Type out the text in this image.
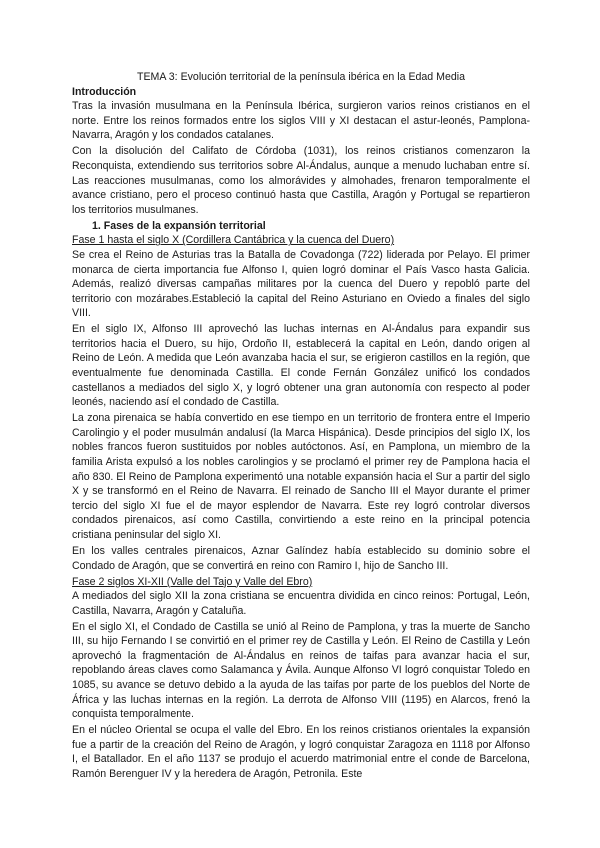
TEMA 3: Evolución territorial de la península ibérica en la Edad Media

Introducción

Tras la invasión musulmana en la Península Ibérica, surgieron varios reinos cristianos en el norte. Entre los reinos formados entre los siglos VIII y XI destacan el astur-leonés, Pamplona-Navarra, Aragón y los condados catalanes.

Con la disolución del Califato de Córdoba (1031), los reinos cristianos comenzaron la Reconquista, extendiendo sus territorios sobre Al-Ándalus, aunque a menudo luchaban entre sí. Las reacciones musulmanas, como los almorávides y almohades, frenaron temporalmente el avance cristiano, pero el proceso continuó hasta que Castilla, Aragón y Portugal se repartieron los territorios musulmanes.

1. Fases de la expansión territorial

Fase 1 hasta el siglo X (Cordillera Cantábrica y la cuenca del Duero)

Se crea el Reino de Asturias tras la Batalla de Covadonga (722) liderada por Pelayo. El primer monarca de cierta importancia fue Alfonso I, quien logró dominar el País Vasco hasta Galicia. Además, realizó diversas campañas militares por la cuenca del Duero y repobló parte del territorio con mozárabes.Estableció la capital del Reino Asturiano en Oviedo a finales del siglo VIII.

En el siglo IX, Alfonso III aprovechó las luchas internas en Al-Ándalus para expandir sus territorios hacia el Duero, su hijo, Ordoño II, establecerá la capital en León, dando origen al Reino de León. A medida que León avanzaba hacia el sur, se erigieron castillos en la región, que eventualmente fue denominada Castilla. El conde Fernán González unificó los condados castellanos a mediados del siglo X, y logró obtener una gran autonomía con respecto al poder leonés, naciendo así el condado de Castilla.

La zona pirenaica se había convertido en ese tiempo en un territorio de frontera entre el Imperio Carolingio y el poder musulmán andalusí (la Marca Hispánica). Desde principios del siglo IX, los nobles francos fueron sustituidos por nobles autóctonos. Así, en Pamplona, un miembro de la familia Arista expulsó a los nobles carolingios y se proclamó el primer rey de Pamplona hacia el año 830. El Reino de Pamplona experimentó una notable expansión hacia el Sur a partir del siglo X y se transformó en el Reino de Navarra. El reinado de Sancho III el Mayor durante el primer tercio del siglo XI fue el de mayor esplendor de Navarra. Este rey logró controlar diversos condados pirenaicos, así como Castilla, convirtiendo a este reino en la principal potencia cristiana peninsular del siglo XI.

En los valles centrales pirenaicos, Aznar Galíndez había establecido su dominio sobre el Condado de Aragón, que se convertirá en reino con Ramiro I, hijo de Sancho III.

Fase 2 siglos XI-XII (Valle del Tajo y Valle del Ebro)

A mediados del siglo XII la zona cristiana se encuentra dividida en cinco reinos: Portugal, León, Castilla, Navarra, Aragón y Cataluña.

En el siglo XI, el Condado de Castilla se unió al Reino de Pamplona, y tras la muerte de Sancho III, su hijo Fernando I se convirtió en el primer rey de Castilla y León. El Reino de Castilla y León aprovechó la fragmentación de Al-Ándalus en reinos de taifas para avanzar hacia el sur, repoblando áreas claves como Salamanca y Ávila. Aunque Alfonso VI logró conquistar Toledo en 1085, su avance se detuvo debido a la ayuda de las taifas por parte de los pueblos del Norte de África y las luchas internas en la región. La derrota de Alfonso VIII (1195) en Alarcos, frenó la conquista temporalmente.

En el núcleo Oriental se ocupa el valle del Ebro. En los reinos cristianos orientales la expansión fue a partir de la creación del Reino de Aragón, y logró conquistar Zaragoza en 1118 por Alfonso I, el Batallador. En el año 1137 se produjo el acuerdo matrimonial entre el conde de Barcelona, Ramón Berenguer IV y la heredera de Aragón, Petronila. Este
